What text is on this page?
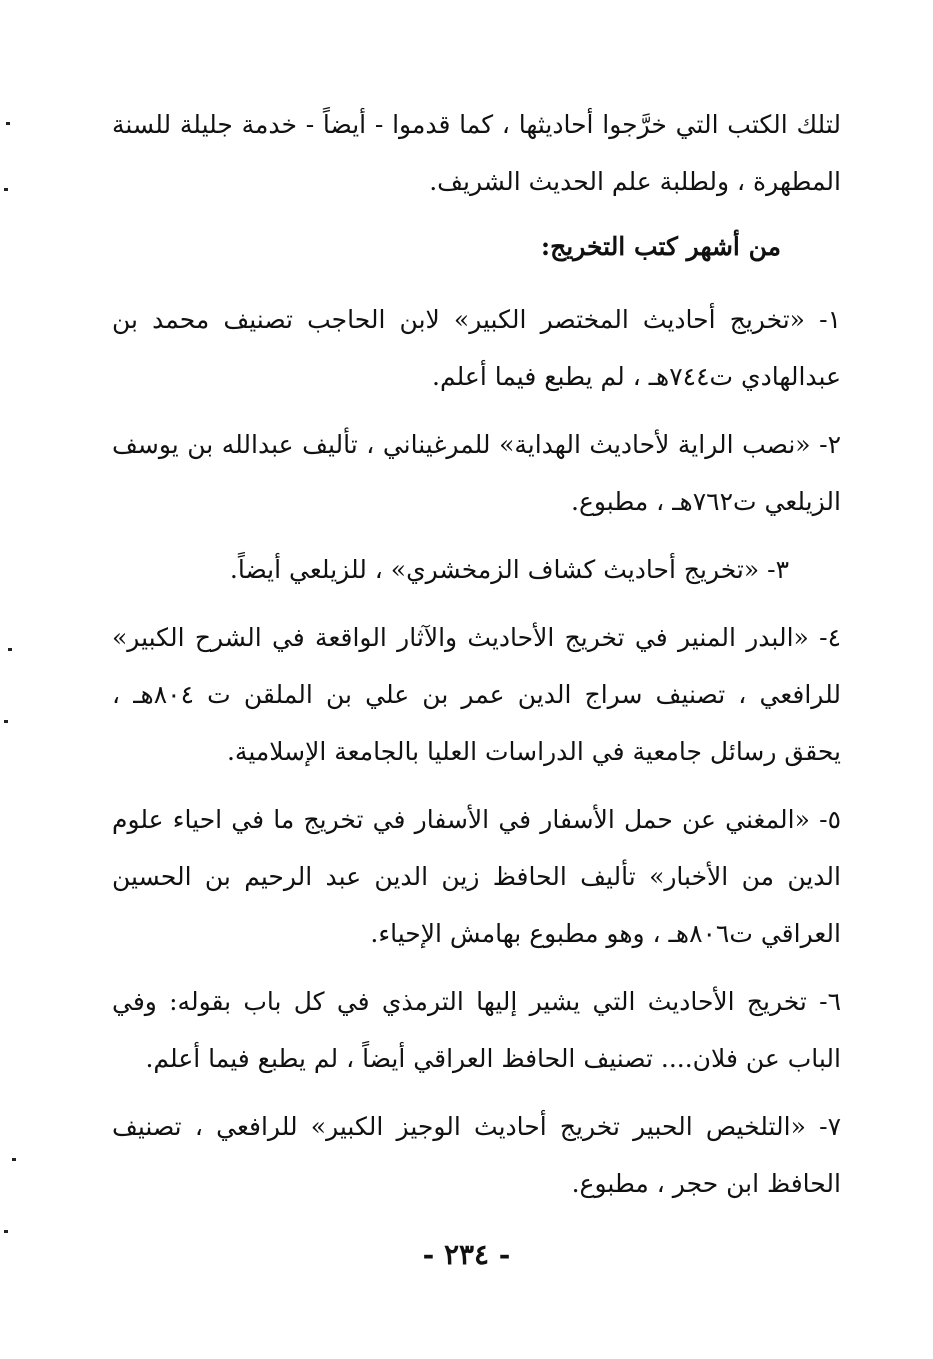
لتلك الكتب التي خرَّجوا أحاديثها ، كما قدموا - أيضاً - خدمة جليلة للسنة المطهرة ، ولطلبة علم الحديث الشريف.

من أشهر كتب التخريج:

١- «تخريج أحاديث المختصر الكبير» لابن الحاجب تصنيف محمد بن عبدالهادي ت٧٤٤هـ ، لم يطبع فيما أعلم.

٢- «نصب الراية لأحاديث الهداية» للمرغيناني ، تأليف عبدالله بن يوسف الزيلعي ت٧٦٢هـ ، مطبوع.

٣- «تخريج أحاديث كشاف الزمخشري» ، للزيلعي أيضاً.

٤- «البدر المنير في تخريج الأحاديث والآثار الواقعة في الشرح الكبير» للرافعي ، تصنيف سراج الدين عمر بن علي بن الملقن ت ٨٠٤هـ ، يحقق رسائل جامعية في الدراسات العليا بالجامعة الإسلامية.

٥- «المغني عن حمل الأسفار في الأسفار في تخريج ما في احياء علوم الدين من الأخبار» تأليف الحافظ زين الدين عبد الرحيم بن الحسين العراقي ت٨٠٦هـ ، وهو مطبوع بهامش الإحياء.

٦- تخريج الأحاديث التي يشير إليها الترمذي في كل باب بقوله: وفي الباب عن فلان.... تصنيف الحافظ العراقي أيضاً ، لم يطبع فيما أعلم.

٧- «التلخيص الحبير تخريج أحاديث الوجيز الكبير» للرافعي ، تصنيف الحافظ ابن حجر ، مطبوع.

- ٢٣٤ -
